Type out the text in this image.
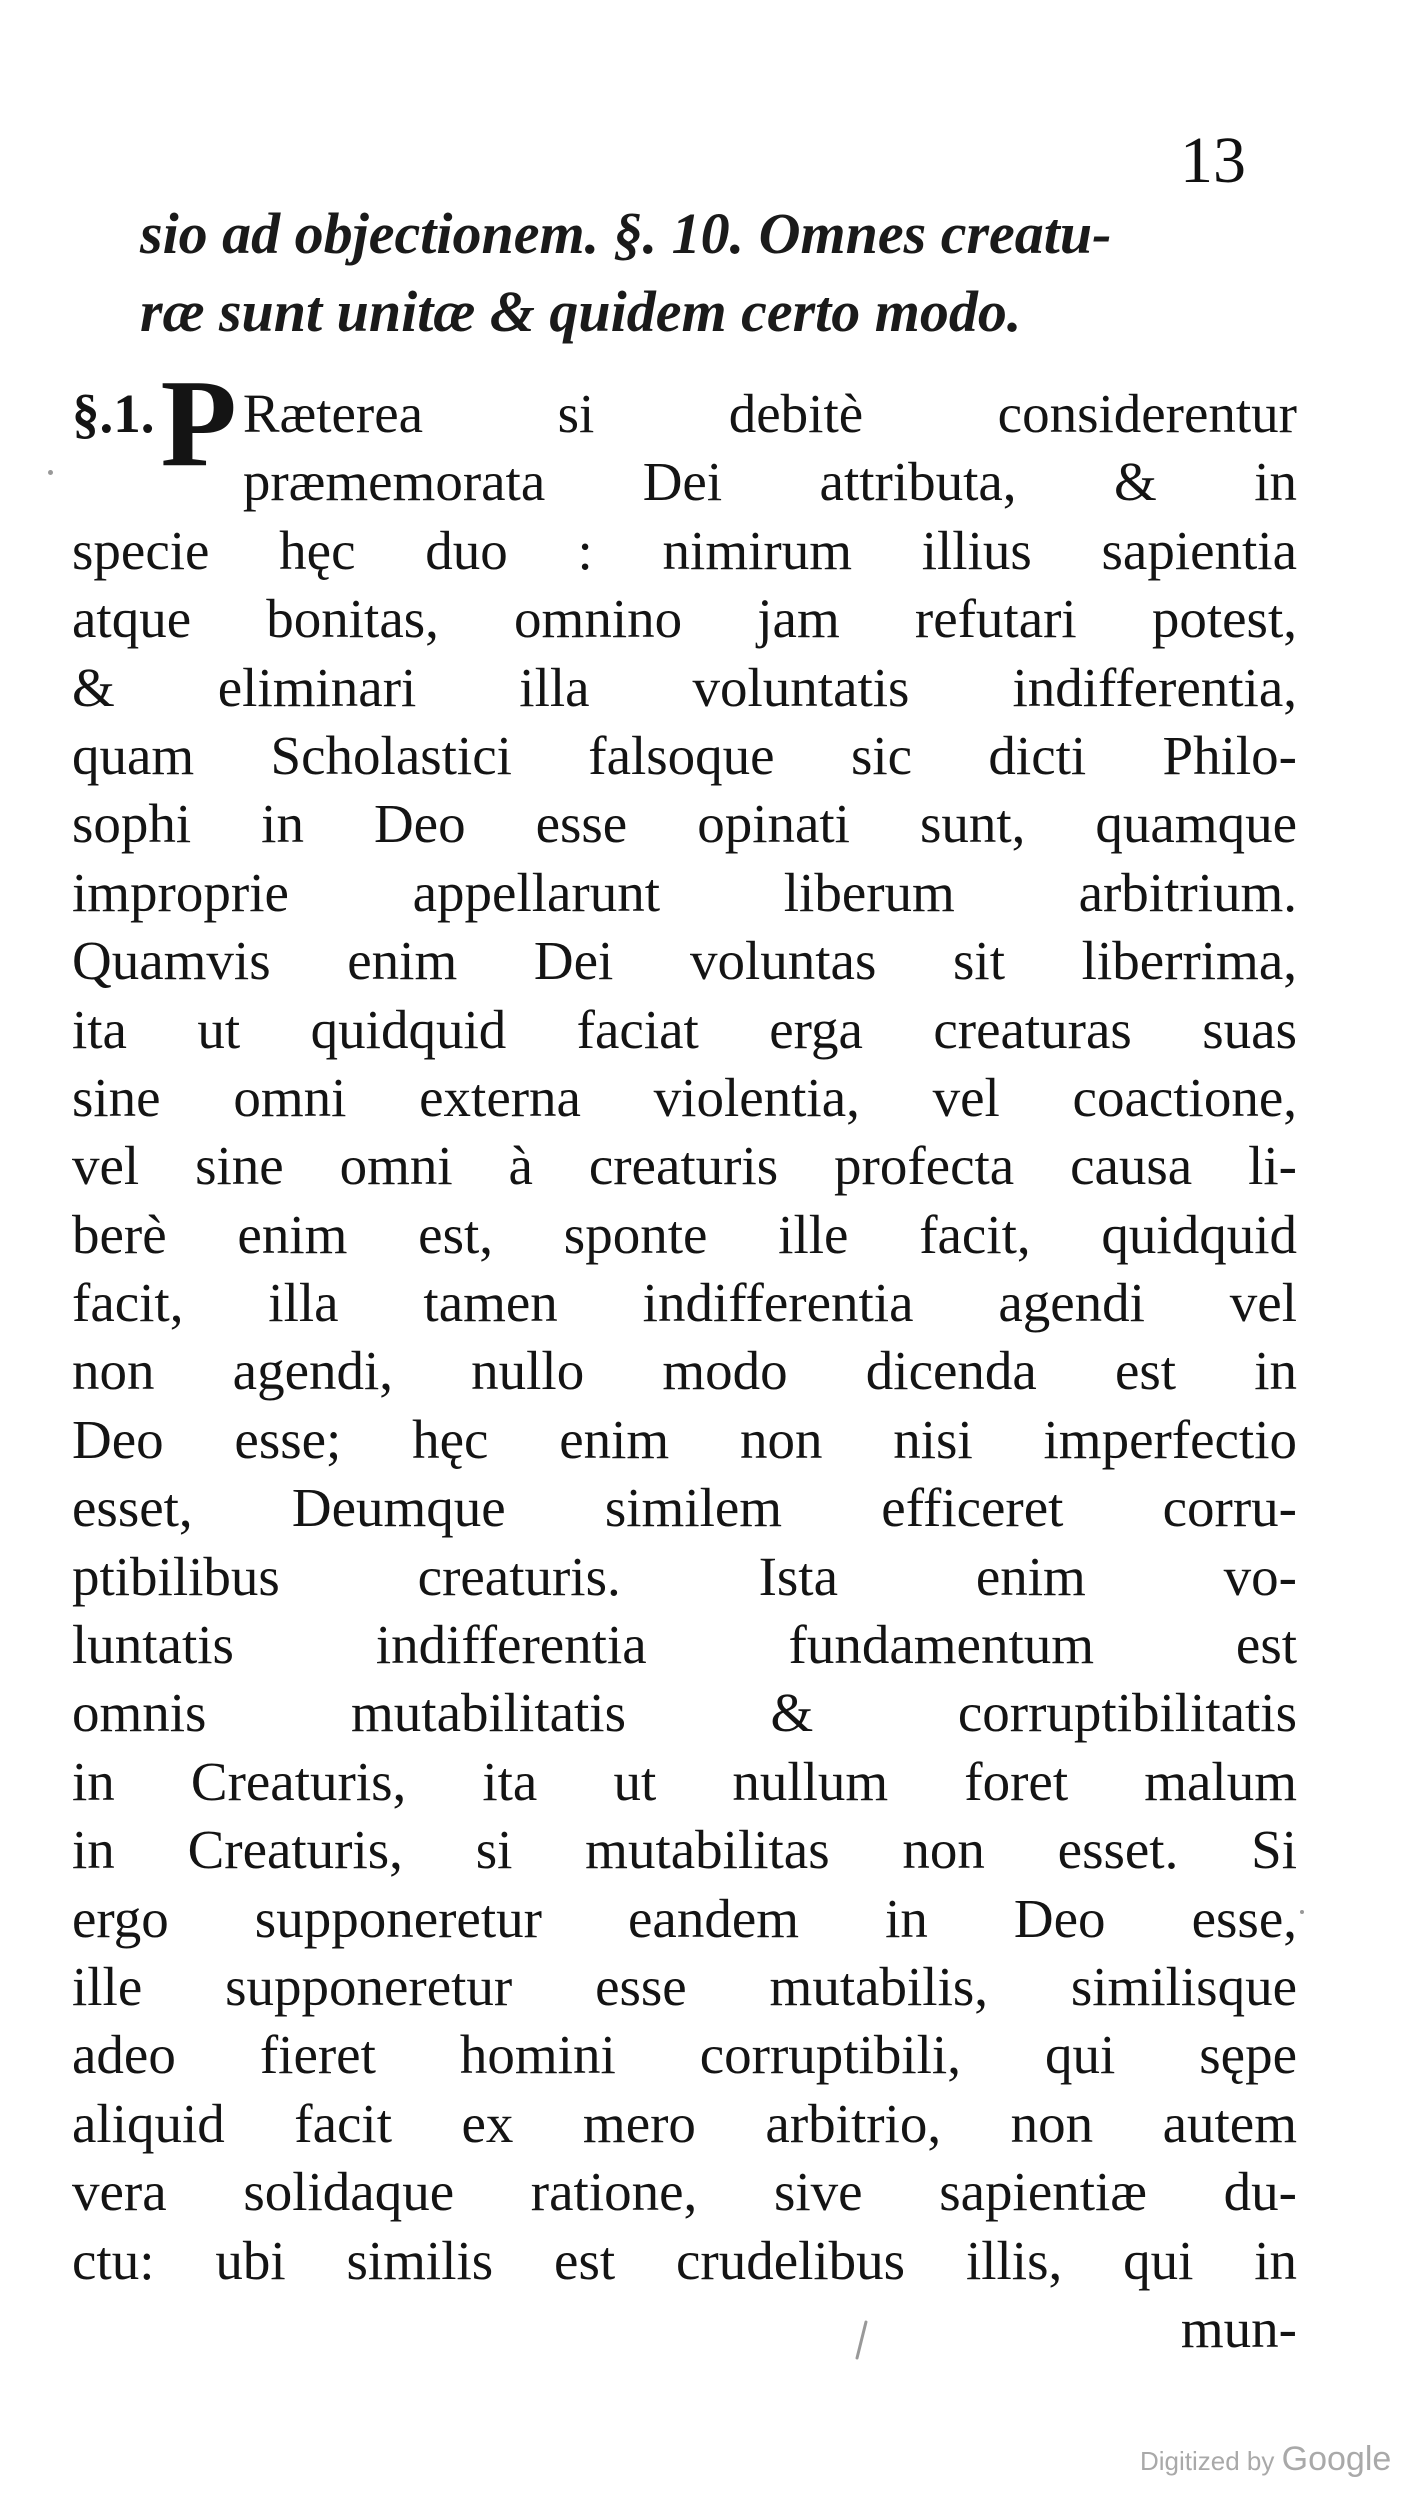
13
sio ad objectionem. §. 10. Omnes creatu-
ræ sunt unitæ & quidem certo modo.
§.1. P Ræterea si debitè considerentur
præmemorata Dei attributa, & in
specie hęc duo : nimirum illius sapientia
atque bonitas, omnino jam refutari potest,
& eliminari illa voluntatis indifferentia,
quam Scholastici falsoque sic dicti Philo-
sophi in Deo esse opinati sunt, quamque
improprie appellarunt liberum arbitrium.
Quamvis enim Dei voluntas sit liberrima,
ita ut quidquid faciat erga creaturas suas
sine omni externa violentia, vel coactione,
vel sine omni à creaturis profecta causa li-
berè enim est, sponte ille facit, quidquid
facit, illa tamen indifferentia agendi vel
non agendi, nullo modo dicenda est in
Deo esse; hęc enim non nisi imperfectio
esset, Deumque similem efficeret corru-
ptibilibus creaturis. Ista enim vo-
luntatis indifferentia fundamentum est
omnis mutabilitatis & corruptibilitatis
in Creaturis, ita ut nullum foret malum
in Creaturis, si mutabilitas non esset. Si
ergo supponeretur eandem in Deo esse,
ille supponeretur esse mutabilis, similisque
adeo fieret homini corruptibili, qui sępe
aliquid facit ex mero arbitrio, non autem
vera solidaque ratione, sive sapientiæ du-
ctu: ubi similis est crudelibus illis, qui in
mun-
Digitized by Google
